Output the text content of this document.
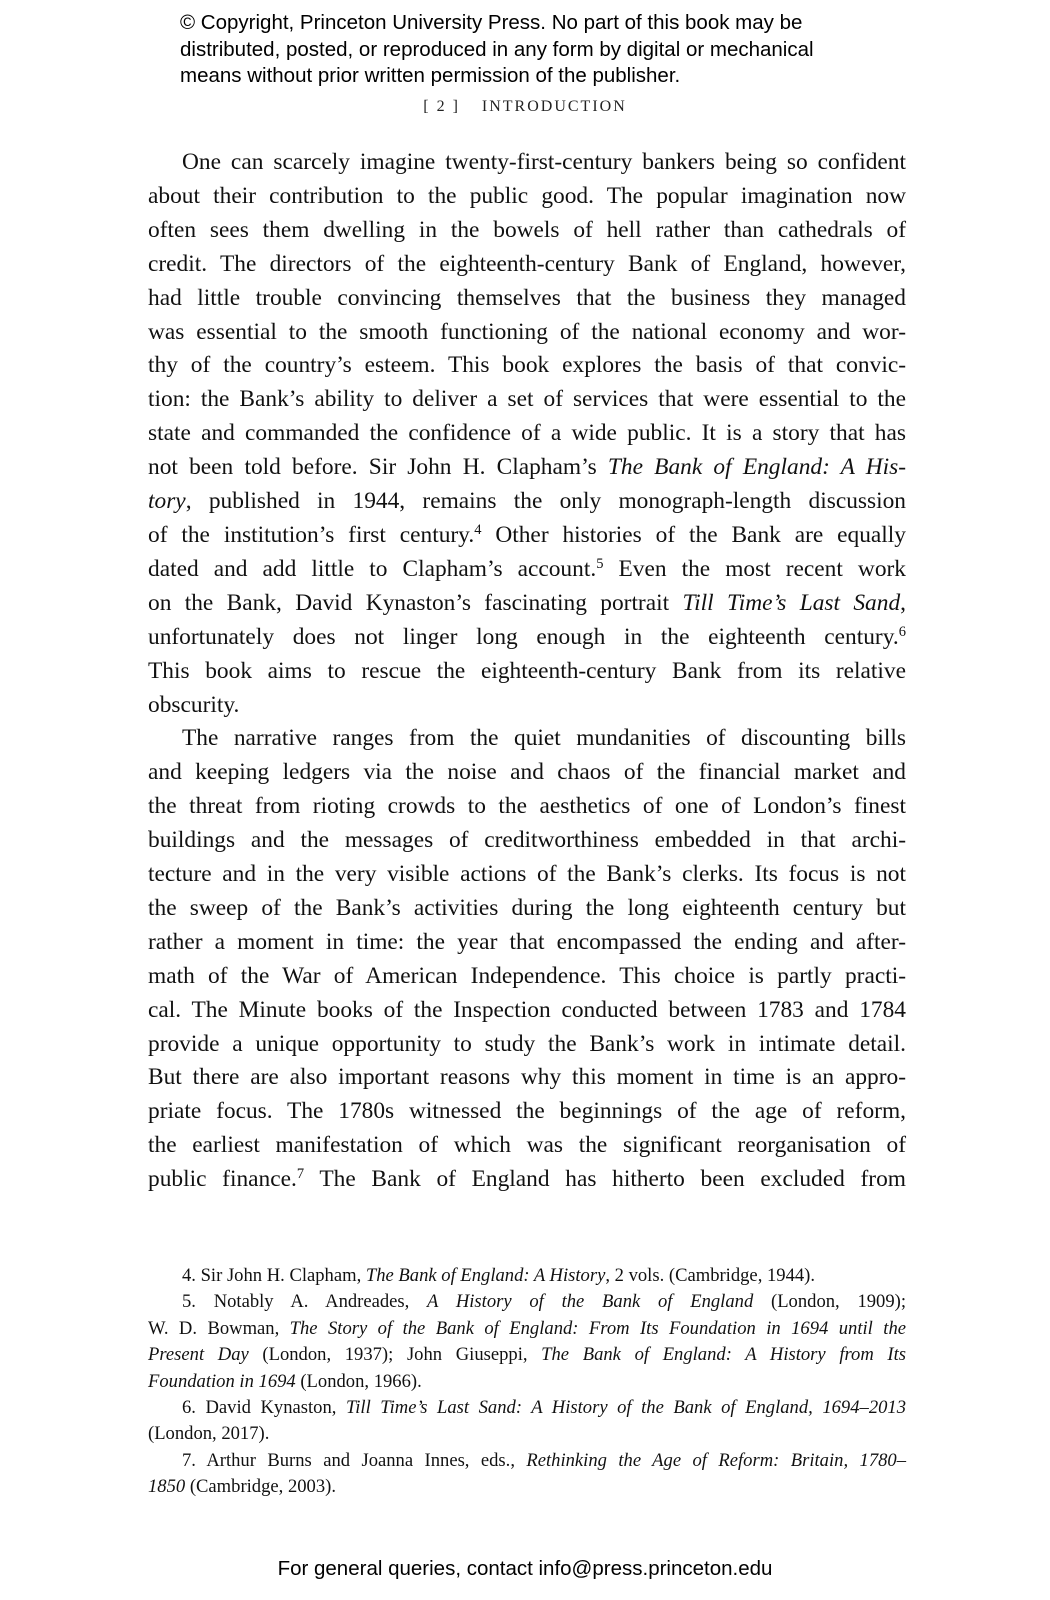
© Copyright, Princeton University Press. No part of this book may be
distributed, posted, or reproduced in any form by digital or mechanical
means without prior written permission of the publisher.
[ 2 ] INTRODUCTION
One can scarcely imagine twenty-first-century bankers being so confident
about their contribution to the public good. The popular imagination now
often sees them dwelling in the bowels of hell rather than cathedrals of
credit. The directors of the eighteenth-century Bank of England, however,
had little trouble convincing themselves that the business they managed
was essential to the smooth functioning of the national economy and wor-
thy of the country’s esteem. This book explores the basis of that convic-
tion: the Bank’s ability to deliver a set of services that were essential to the
state and commanded the confidence of a wide public. It is a story that has
not been told before. Sir John H. Clapham’s The Bank of England: A His-
tory, published in 1944, remains the only monograph-length discussion
of the institution’s first century.$^4$ Other histories of the Bank are equally
dated and add little to Clapham’s account.$^5$ Even the most recent work
on the Bank, David Kynaston’s fascinating portrait Till Time’s Last Sand,
unfortunately does not linger long enough in the eighteenth century.$^6$
This book aims to rescue the eighteenth-century Bank from its relative
obscurity.
The narrative ranges from the quiet mundanities of discounting bills
and keeping ledgers via the noise and chaos of the financial market and
the threat from rioting crowds to the aesthetics of one of London’s finest
buildings and the messages of creditworthiness embedded in that archi-
tecture and in the very visible actions of the Bank’s clerks. Its focus is not
the sweep of the Bank’s activities during the long eighteenth century but
rather a moment in time: the year that encompassed the ending and after-
math of the War of American Independence. This choice is partly practi-
cal. The Minute books of the Inspection conducted between 1783 and 1784
provide a unique opportunity to study the Bank’s work in intimate detail.
But there are also important reasons why this moment in time is an appro-
priate focus. The 1780s witnessed the beginnings of the age of reform,
the earliest manifestation of which was the significant reorganisation of
public finance.$^7$ The Bank of England has hitherto been excluded from
4. Sir John H. Clapham, The Bank of England: A History, 2 vols. (Cambridge, 1944).
5. Notably A. Andreades, A History of the Bank of England (London, 1909);
W. D. Bowman, The Story of the Bank of England: From Its Foundation in 1694 until the
Present Day (London, 1937); John Giuseppi, The Bank of England: A History from Its
Foundation in 1694 (London, 1966).
6. David Kynaston, Till Time’s Last Sand: A History of the Bank of England, 1694–2013
(London, 2017).
7. Arthur Burns and Joanna Innes, eds., Rethinking the Age of Reform: Britain, 1780–
1850 (Cambridge, 2003).
For general queries, contact info@press.princeton.edu
